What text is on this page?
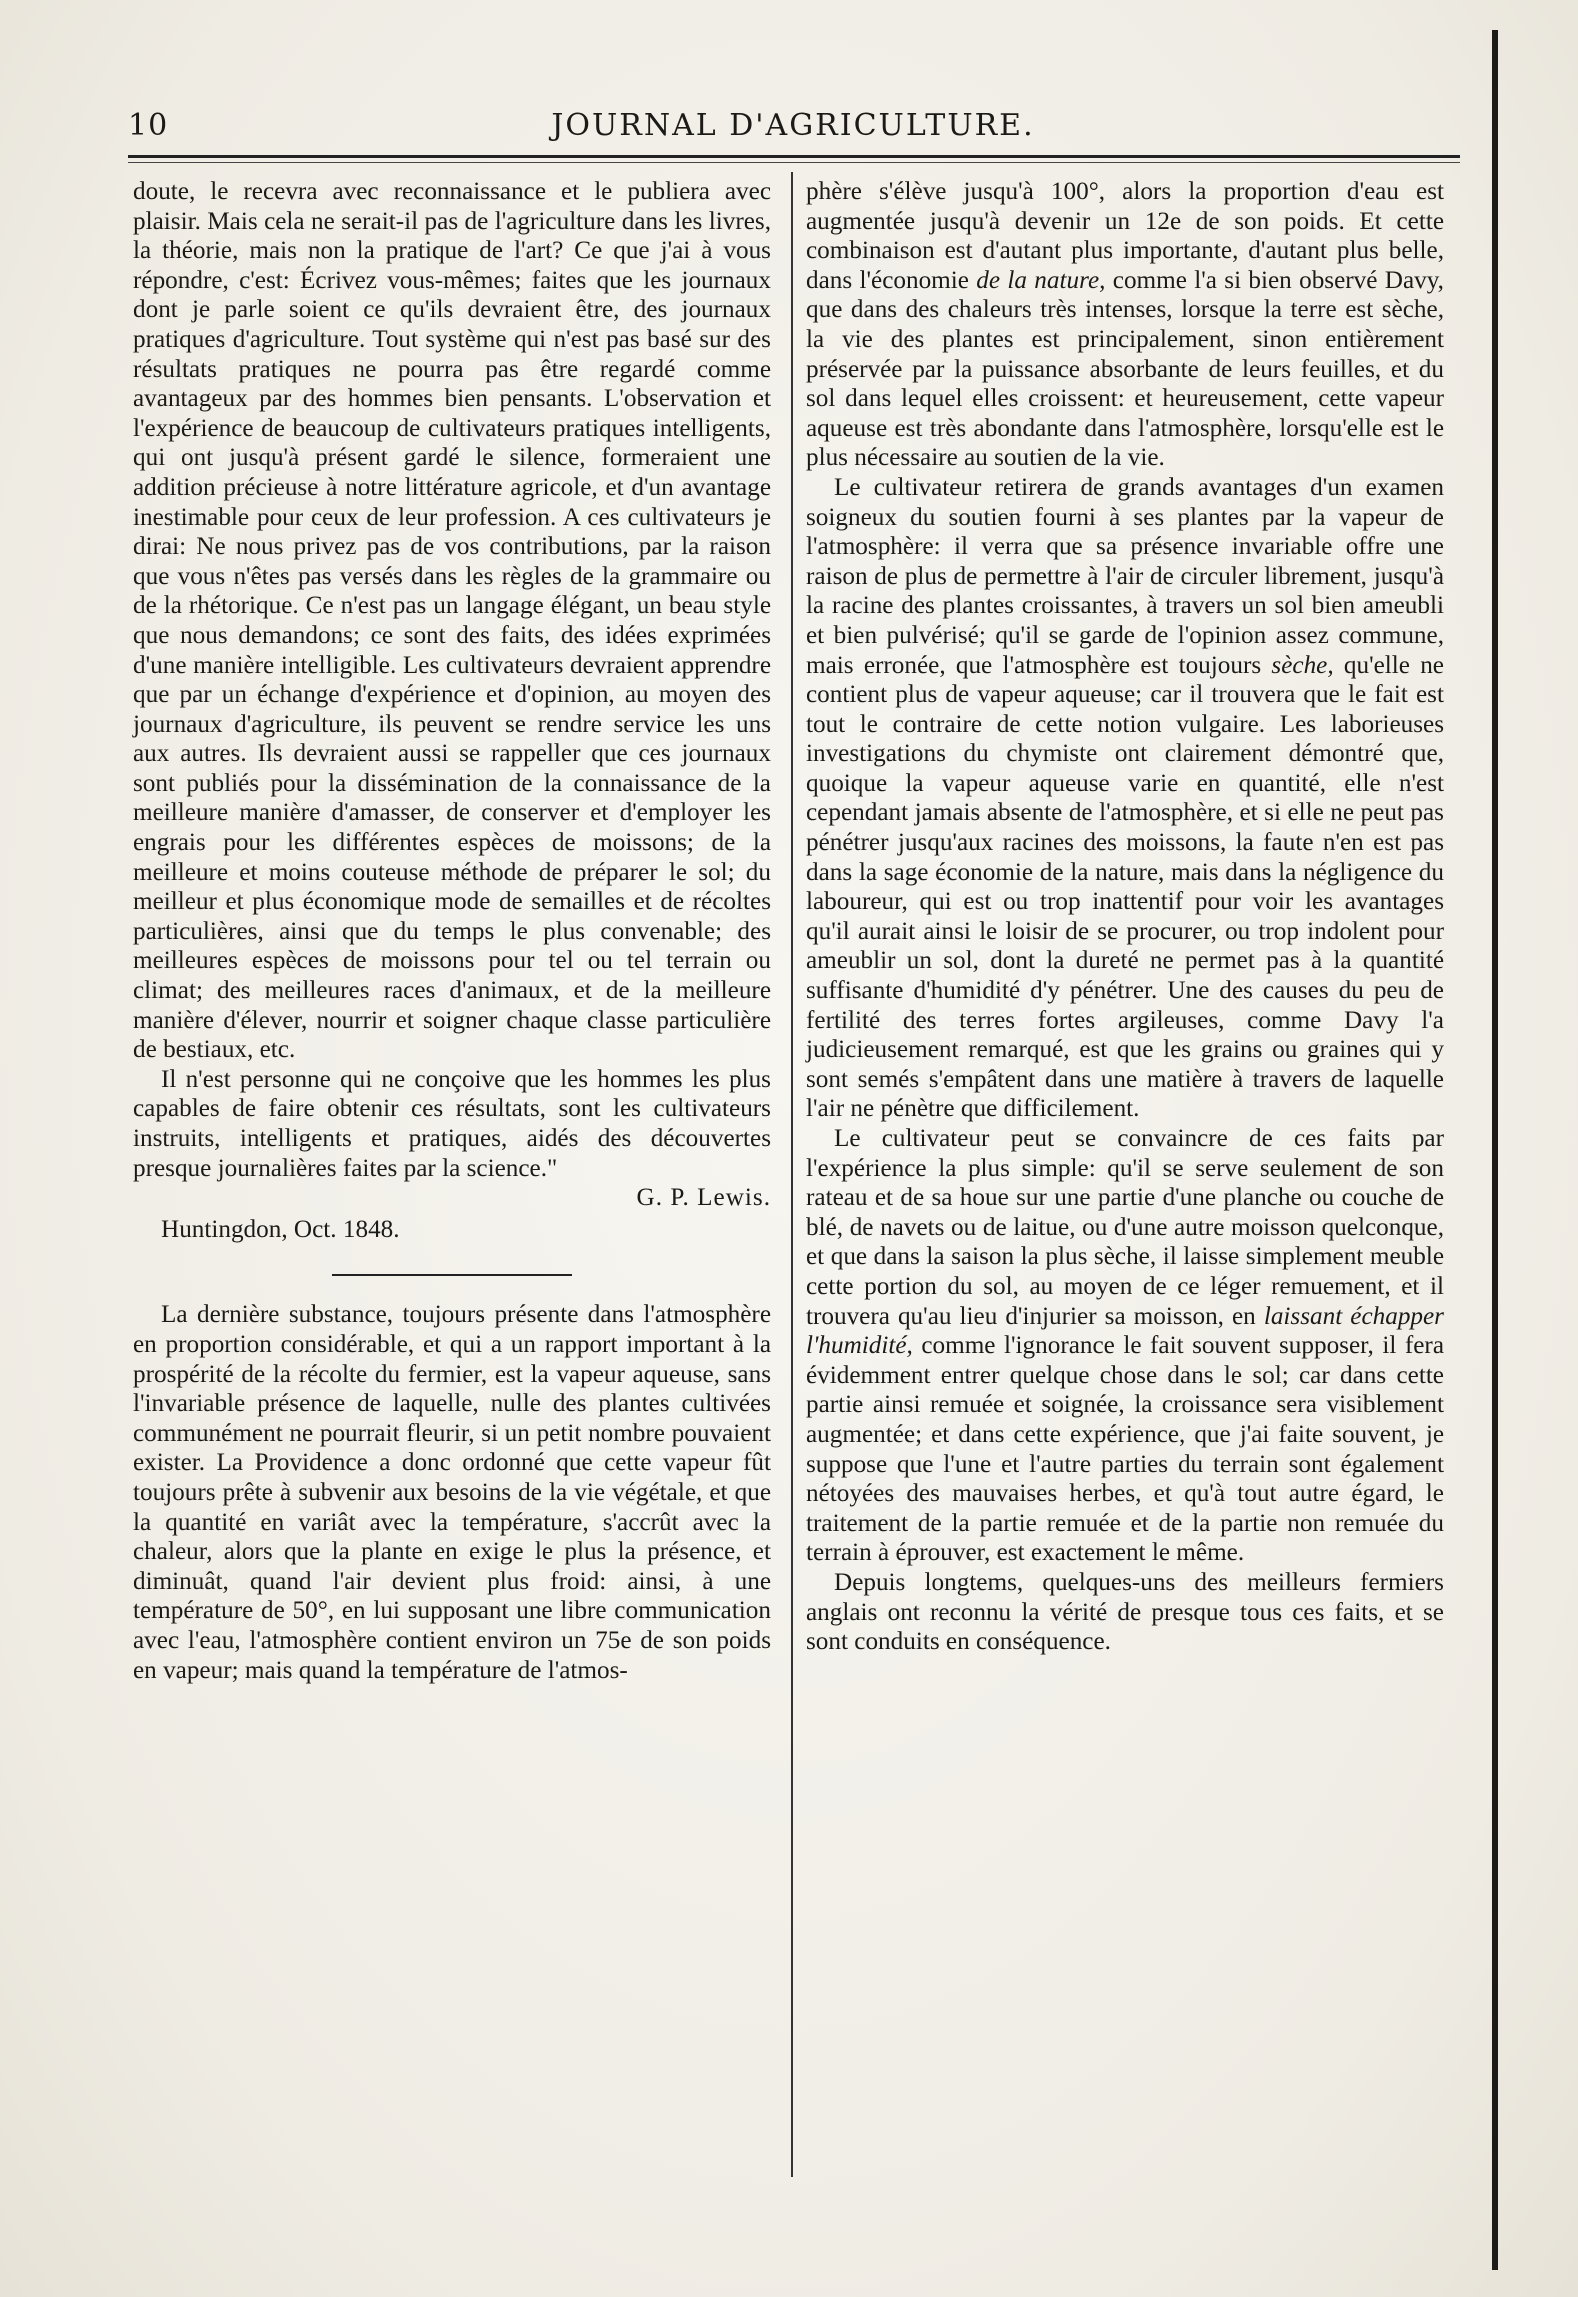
10	JOURNAL D'AGRICULTURE.

doute, le recevra avec reconnaissance et le publiera avec plaisir. Mais cela ne serait-il pas de l'agriculture dans les livres, la théorie, mais non la pratique de l'art? Ce que j'ai à vous répondre, c'est: Écrivez vous-mêmes; faites que les journaux dont je parle soient ce qu'ils devraient être, des journaux pratiques d'agriculture. Tout système qui n'est pas basé sur des résultats pratiques ne pourra pas être regardé comme avantageux par des hommes bien pensants. L'observation et l'expérience de beaucoup de cultivateurs pratiques intelligents, qui ont jusqu'à présent gardé le silence, formeraient une addition précieuse à notre littérature agricole, et d'un avantage inestimable pour ceux de leur profession. A ces cultivateurs je dirai: Ne nous privez pas de vos contributions, par la raison que vous n'êtes pas versés dans les règles de la grammaire ou de la rhétorique. Ce n'est pas un langage élégant, un beau style que nous demandons; ce sont des faits, des idées exprimées d'une manière intelligible. Les cultivateurs devraient apprendre que par un échange d'expérience et d'opinion, au moyen des journaux d'agriculture, ils peuvent se rendre service les uns aux autres. Ils devraient aussi se rappeller que ces journaux sont publiés pour la dissémination de la connaissance de la meilleure manière d'amasser, de conserver et d'employer les engrais pour les différentes espèces de moissons; de la meilleure et moins couteuse méthode de préparer le sol; du meilleur et plus économique mode de semailles et de récoltes particulières, ainsi que du temps le plus convenable; des meilleures espèces de moissons pour tel ou tel terrain ou climat; des meilleures races d'animaux, et de la meilleure manière d'élever, nourrir et soigner chaque classe particulière de bestiaux, etc.

Il n'est personne qui ne conçoive que les hommes les plus capables de faire obtenir ces résultats, sont les cultivateurs instruits, intelligents et pratiques, aidés des découvertes presque journalières faites par la science."

G. P. Lewis.

Huntingdon, Oct. 1848.

La dernière substance, toujours présente dans l'atmosphère en proportion considérable, et qui a un rapport important à la prospérité de la récolte du fermier, est la vapeur aqueuse, sans l'invariable présence de laquelle, nulle des plantes cultivées communément ne pourrait fleurir, si un petit nombre pouvaient exister. La Providence a donc ordonné que cette vapeur fût toujours prête à subvenir aux besoins de la vie végétale, et que la quantité en variât avec la température, s'accrût avec la chaleur, alors que la plante en exige le plus la présence, et diminuât, quand l'air devient plus froid: ainsi, à une température de 50°, en lui supposant une libre communication avec l'eau, l'atmosphère contient environ un 75e de son poids en vapeur; mais quand la température de l'atmos-

phère s'élève jusqu'à 100°, alors la proportion d'eau est augmentée jusqu'à devenir un 12e de son poids. Et cette combinaison est d'autant plus importante, d'autant plus belle, dans l'économie de la nature, comme l'a si bien observé Davy, que dans des chaleurs très intenses, lorsque la terre est sèche, la vie des plantes est principalement, sinon entièrement préservée par la puissance absorbante de leurs feuilles, et du sol dans lequel elles croissent: et heureusement, cette vapeur aqueuse est très abondante dans l'atmosphère, lorsqu'elle est le plus nécessaire au soutien de la vie.

Le cultivateur retirera de grands avantages d'un examen soigneux du soutien fourni à ses plantes par la vapeur de l'atmosphère: il verra que sa présence invariable offre une raison de plus de permettre à l'air de circuler librement, jusqu'à la racine des plantes croissantes, à travers un sol bien ameubli et bien pulvérisé; qu'il se garde de l'opinion assez commune, mais erronée, que l'atmosphère est toujours sèche, qu'elle ne contient plus de vapeur aqueuse; car il trouvera que le fait est tout le contraire de cette notion vulgaire. Les laborieuses investigations du chymiste ont clairement démontré que, quoique la vapeur aqueuse varie en quantité, elle n'est cependant jamais absente de l'atmosphère, et si elle ne peut pas pénétrer jusqu'aux racines des moissons, la faute n'en est pas dans la sage économie de la nature, mais dans la négligence du laboureur, qui est ou trop inattentif pour voir les avantages qu'il aurait ainsi le loisir de se procurer, ou trop indolent pour ameublir un sol, dont la dureté ne permet pas à la quantité suffisante d'humidité d'y pénétrer. Une des causes du peu de fertilité des terres fortes argileuses, comme Davy l'a judicieusement remarqué, est que les grains ou graines qui y sont semés s'empâtent dans une matière à travers de laquelle l'air ne pénètre que difficilement.

Le cultivateur peut se convaincre de ces faits par l'expérience la plus simple: qu'il se serve seulement de son rateau et de sa houe sur une partie d'une planche ou couche de blé, de navets ou de laitue, ou d'une autre moisson quelconque, et que dans la saison la plus sèche, il laisse simplement meuble cette portion du sol, au moyen de ce léger remuement, et il trouvera qu'au lieu d'injurier sa moisson, en laissant échapper l'humidité, comme l'ignorance le fait souvent supposer, il fera évidemment entrer quelque chose dans le sol; car dans cette partie ainsi remuée et soignée, la croissance sera visiblement augmentée; et dans cette expérience, que j'ai faite souvent, je suppose que l'une et l'autre parties du terrain sont également nétoyées des mauvaises herbes, et qu'à tout autre égard, le traitement de la partie remuée et de la partie non remuée du terrain à éprouver, est exactement le même.

Depuis longtems, quelques-uns des meilleurs fermiers anglais ont reconnu la vérité de presque tous ces faits, et se sont conduits en conséquence.
